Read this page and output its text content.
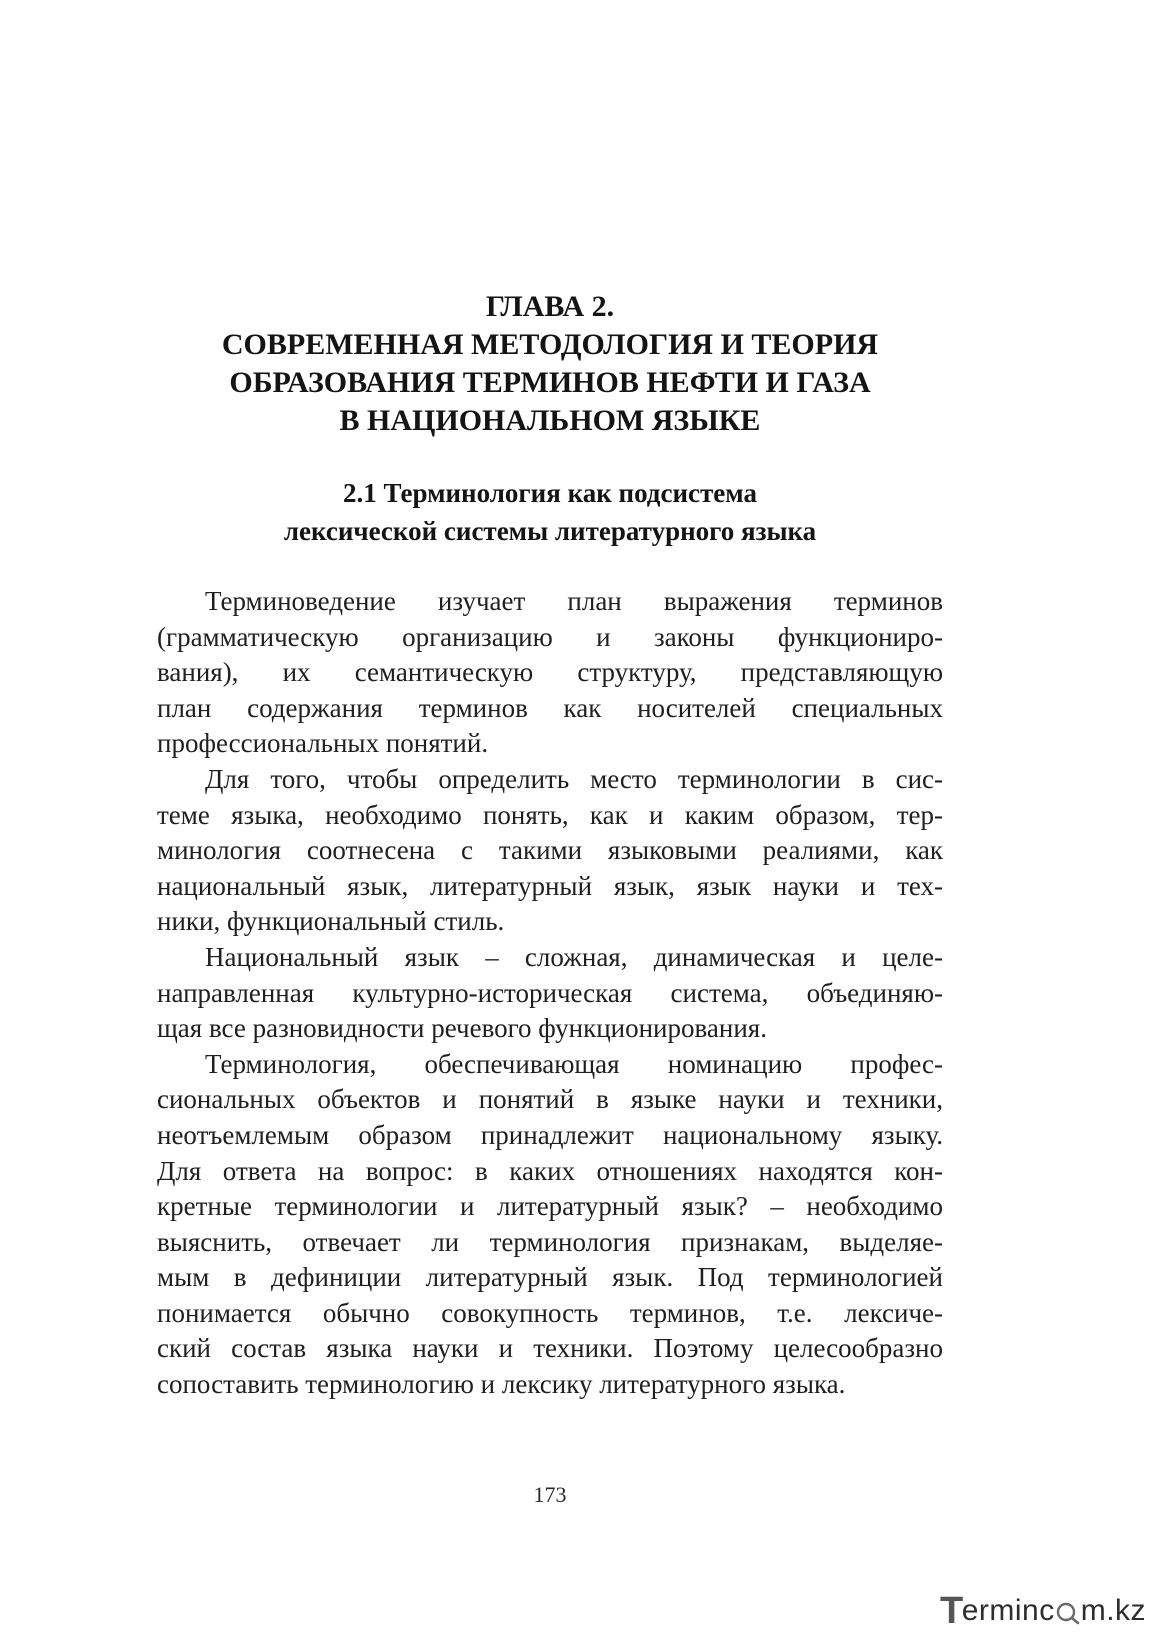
ГЛАВА 2.
СОВРЕМЕННАЯ МЕТОДОЛОГИЯ И ТЕОРИЯ
ОБРАЗОВАНИЯ ТЕРМИНОВ НЕФТИ И ГАЗА
В НАЦИОНАЛЬНОМ ЯЗЫКЕ
2.1 Терминология как подсистема
лексической системы литературного языка
Терминоведение изучает план выражения терминов
(грамматическую организацию и законы функциониро-
вания), их семантическую структуру, представляющую
план содержания терминов как носителей специальных
профессиональных понятий.
Для того, чтобы определить место терминологии в сис-
теме языка, необходимо понять, как и каким образом, тер-
минология соотнесена с такими языковыми реалиями, как
национальный язык, литературный язык, язык науки и тех-
ники, функциональный стиль.
Национальный язык – сложная, динамическая и целе-
направленная культурно-историческая система, объединяю-
щая все разновидности речевого функционирования.
Терминология, обеспечивающая номинацию профес-
сиональных объектов и понятий в языке науки и техники,
неотъемлемым образом принадлежит национальному языку.
Для ответа на вопрос: в каких отношениях находятся кон-
кретные терминологии и литературный язык? – необходимо
выяснить, отвечает ли терминология признакам, выделяе-
мым в дефиниции литературный язык. Под терминологией
понимается обычно совокупность терминов, т.е. лексиче-
ский состав языка науки и техники. Поэтому целесообразно
сопоставить терминологию и лексику литературного языка.
173
T
erminc m.kz
